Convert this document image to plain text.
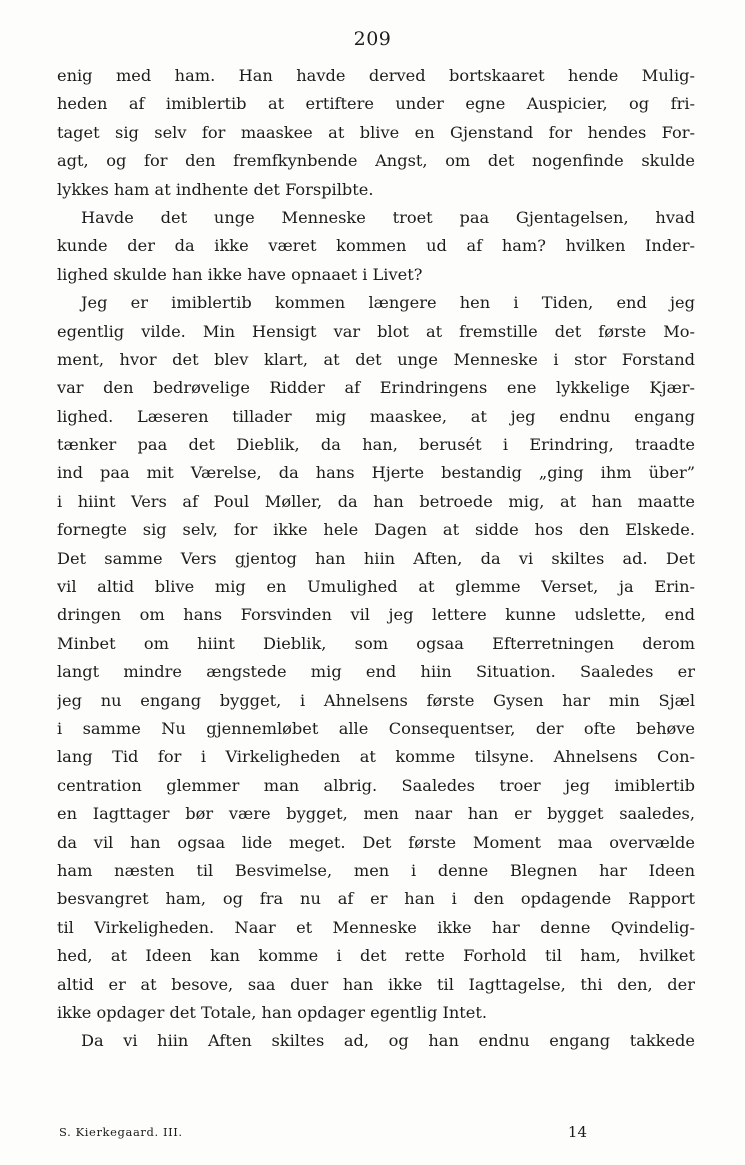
209
enig med ham. Han havde derved bortskaaret hende Mulig-
heden af imiblertib at ertiftere under egne Auspicier, og fri-
taget sig selv for maaskee at blive en Gjenstand for hendes For-
agt, og for den fremfkynbende Angst, om det nogenfinde skulde
lykkes ham at indhente det Forspilbte.
Havde det unge Menneske troet paa Gjentagelsen, hvad
kunde der da ikke været kommen ud af ham? hvilken Inder-
lighed skulde han ikke have opnaaet i Livet?
Jeg er imiblertib kommen længere hen i Tiden, end jeg
egentlig vilde. Min Hensigt var blot at fremstille det første Mo-
ment, hvor det blev klart, at det unge Menneske i stor Forstand
var den bedrøvelige Ridder af Erindringens ene lykkelige Kjær-
lighed. Læseren tillader mig maaskee, at jeg endnu engang
tænker paa det Dieblik, da han, berusét i Erindring, traadte
ind paa mit Værelse, da hans Hjerte bestandig „ging ihm über”
i hiint Vers af Poul Møller, da han betroede mig, at han maatte
fornegte sig selv, for ikke hele Dagen at sidde hos den Elskede.
Det samme Vers gjentog han hiin Aften, da vi skiltes ad. Det
vil altid blive mig en Umulighed at glemme Verset, ja Erin-
dringen om hans Forsvinden vil jeg lettere kunne udslette, end
Minbet om hiint Dieblik, som ogsaa Efterretningen derom
langt mindre ængstede mig end hiin Situation. Saaledes er
jeg nu engang bygget, i Ahnelsens første Gysen har min Sjæl
i samme Nu gjennemløbet alle Consequentser, der ofte behøve
lang Tid for i Virkeligheden at komme tilsyne. Ahnelsens Con-
centration glemmer man albrig. Saaledes troer jeg imiblertib
en Iagttager bør være bygget, men naar han er bygget saaledes,
da vil han ogsaa lide meget. Det første Moment maa overvælde
ham næsten til Besvimelse, men i denne Blegnen har Ideen
besvangret ham, og fra nu af er han i den opdagende Rapport
til Virkeligheden. Naar et Menneske ikke har denne Qvindelig-
hed, at Ideen kan komme i det rette Forhold til ham, hvilket
altid er at besove, saa duer han ikke til Iagttagelse, thi den, der
ikke opdager det Totale, han opdager egentlig Intet.
Da vi hiin Aften skiltes ad, og han endnu engang takkede
S. Kierkegaard. III.	14
